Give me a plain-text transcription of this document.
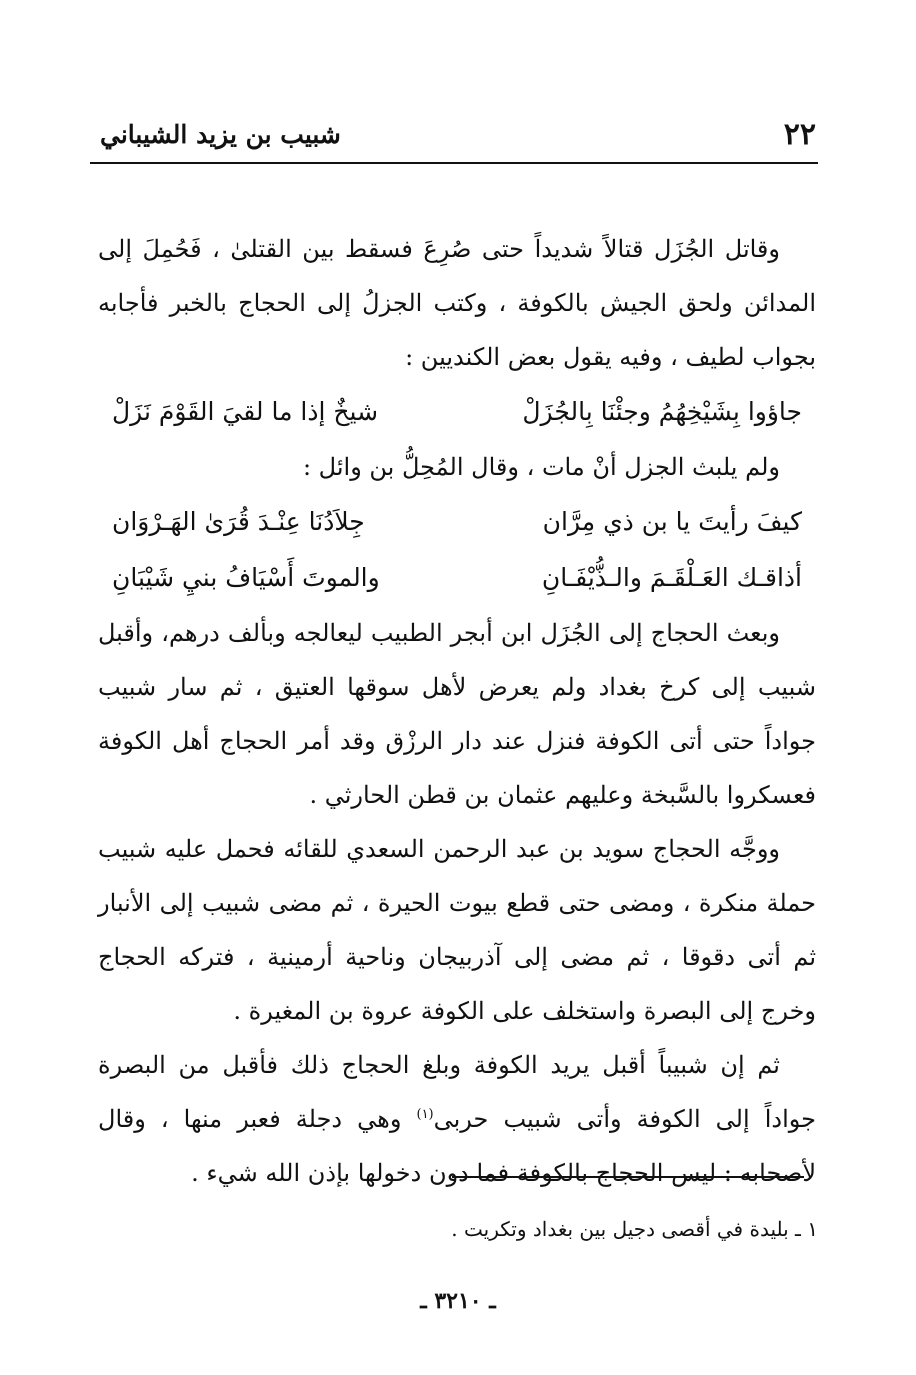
٢٢
شبيب بن يزيد الشيباني

وقاتل الجُزَل قتالاً شديداً حتى صُرِعَ فسقط بين القتلىٰ ، فَحُمِلَ إلى المدائن ولحق الجيش بالكوفة ، وكتب الجزلُ إلى الحجاج بالخبر فأجابه بجواب لطيف ، وفيه يقول بعض الكنديين :

جاؤوا بِشَيْخِهُمُ وجئْنَا بِالجُزَلْ
شيخٌ إذا ما لقيَ القَوْمَ نَزَلْ

ولم يلبث الجزل أنْ مات ، وقال المُحِلُّ بن وائل :

كيفَ رأيتَ يا بن ذي مِرَّان
جِلاَدُنَا عِنْـدَ قُرَىٰ الهَـرْوَان
أذاقـك العَـلْقَـمَ والـذُّيْفَـانِ
والموتَ أَسْيَافُ بنيِ شَيْبَانِ

وبعث الحجاج إلى الجُزَل ابن أبجر الطبيب ليعالجه وبألف درهم، وأقبل شبيب إلى كرخ بغداد ولم يعرض لأهل سوقها العتيق ، ثم سار شبيب جواداً حتى أتى الكوفة فنزل عند دار الرزْق وقد أمر الحجاج أهل الكوفة فعسكروا بالسَّبخة وعليهم عثمان بن قطن الحارثي .

ووجَّه الحجاج سويد بن عبد الرحمن السعدي للقائه فحمل عليه شبيب حملة منكرة ، ومضى حتى قطع بيوت الحيرة ، ثم مضى شبيب إلى الأنبار ثم أتى دقوقا ، ثم مضى إلى آذربيجان وناحية أرمينية ، فتركه الحجاج وخرج إلى البصرة واستخلف على الكوفة عروة بن المغيرة .

ثم إن شبيباً أقبل يريد الكوفة وبلغ الحجاج ذلك فأقبل من البصرة جواداً إلى الكوفة وأتى شبيب حربى$^{(١)}$ وهي دجلة فعبر منها ، وقال لأصحابه : ليس الحجاج بالكوفة فما دون دخولها بإذن الله شيء .

١ ـ بليدة في أقصى دجيل بين بغداد وتكريت .
ـ ٣٢١٠ ـ
